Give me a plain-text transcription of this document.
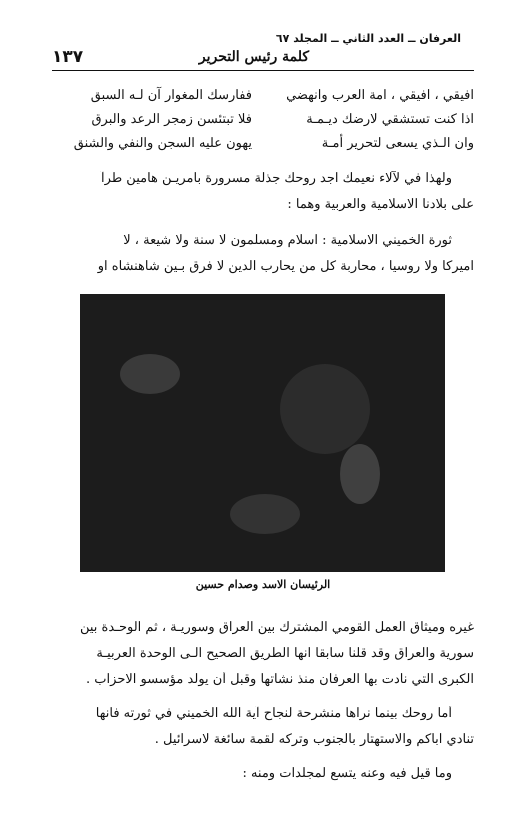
العرفان ــ العدد الثاني ــ المجلد ٦٧
كلمة رئيس التحرير
١٣٧
افيقي ، افيقي ، امة العرب وانهضي
ففارسك المغوار آن لـه السبق
اذا كنت تستشقي لارضك ديـمـة
فلا تبتئسن زمجر الرعد والبرق
وان الـذي يسعى لتحرير أمـة
يهون عليه السجن والنفي والشنق
ولهذا في لآلاء نعيمك اجد روحك جذلة مسرورة بأمريـن هامين طرآ
على بلادنا الاسلامية والعربية وهما :
ثورة الخميني الاسلامية : اسلام ومسلمون لا سنة ولا شيعة ، لا
اميركا ولا روسيا ، محاربة كل من يحارب الدين لا فرق بـين شاهنشاه او
الرئيسان الاسد وصدام حسين
غيره وميثاق العمل القومي المشترك بين العراق وسوريـة ، ثم الوحـدة بين
سورية والعراق وقد قلنا سابقا انها الطريق الصحيح الـى الوحدة العربيـة
الكبرى التي نادت بها العرفان منذ نشأتها وقبل أن يولد مؤسسو الاحزاب .
أما روحك بينما نراها منشرحة لنجاح آية الله الخميني في ثورته فانها
تنادي اباكم والاستهتار بالجنوب وتركه لقمة سائغة لاسرائيل .
وما قيل فيه وعنه يتسع لمجلدات ومنه :
